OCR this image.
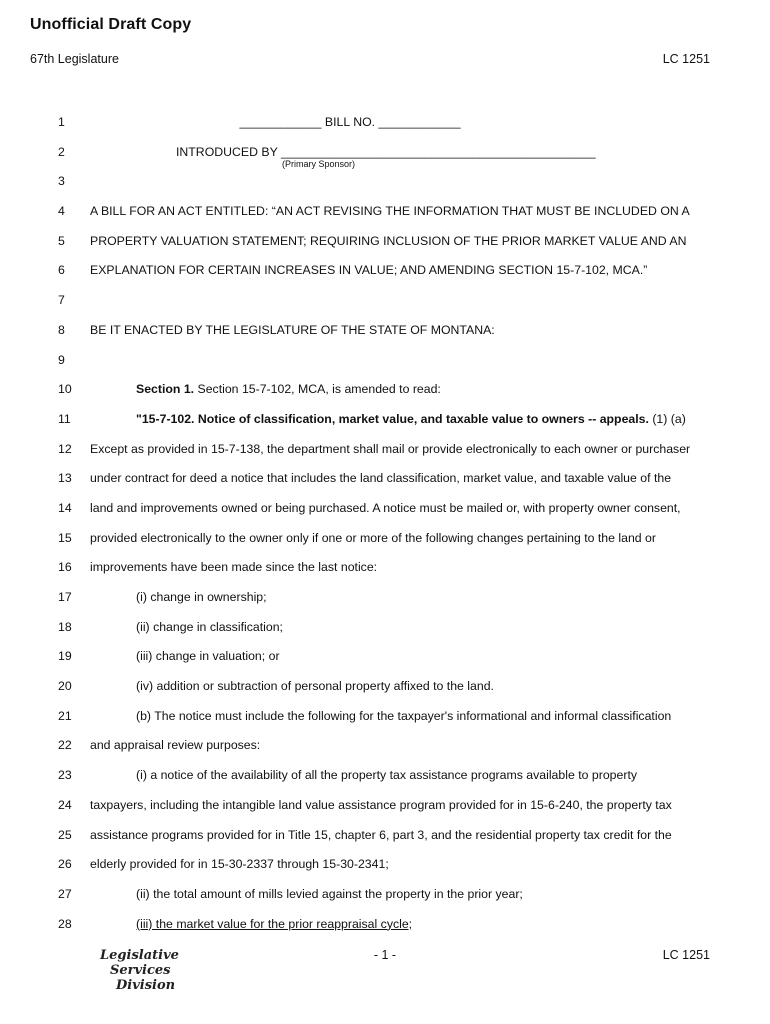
Unofficial Draft Copy
67th Legislature	LC 1251
1	____________ BILL NO. ____________
2	INTRODUCED BY ______________________________________________
(Primary Sponsor)
3
4	A BILL FOR AN ACT ENTITLED: “AN ACT REVISING THE INFORMATION THAT MUST BE INCLUDED ON A
5	PROPERTY VALUATION STATEMENT; REQUIRING INCLUSION OF THE PRIOR MARKET VALUE AND AN
6	EXPLANATION FOR CERTAIN INCREASES IN VALUE; AND AMENDING SECTION 15-7-102, MCA.”
7
8	BE IT ENACTED BY THE LEGISLATURE OF THE STATE OF MONTANA:
9
10	Section 1. Section 15-7-102, MCA, is amended to read:
11	"15-7-102. Notice of classification, market value, and taxable value to owners -- appeals. (1) (a)
12 Except as provided in 15-7-138, the department shall mail or provide electronically to each owner or purchaser
13 under contract for deed a notice that includes the land classification, market value, and taxable value of the
14 land and improvements owned or being purchased. A notice must be mailed or, with property owner consent,
15 provided electronically to the owner only if one or more of the following changes pertaining to the land or
16 improvements have been made since the last notice:
17	(i) change in ownership;
18	(ii) change in classification;
19	(iii) change in valuation; or
20	(iv) addition or subtraction of personal property affixed to the land.
21	(b) The notice must include the following for the taxpayer's informational and informal classification
22 and appraisal review purposes:
23	(i) a notice of the availability of all the property tax assistance programs available to property
24 taxpayers, including the intangible land value assistance program provided for in 15-6-240, the property tax
25 assistance programs provided for in Title 15, chapter 6, part 3, and the residential property tax credit for the
26 elderly provided for in 15-30-2337 through 15-30-2341;
27	(ii) the total amount of mills levied against the property in the prior year;
28	(iii) the market value for the prior reappraisal cycle;
Legislative
Services
Division
- 1 -	LC 1251
